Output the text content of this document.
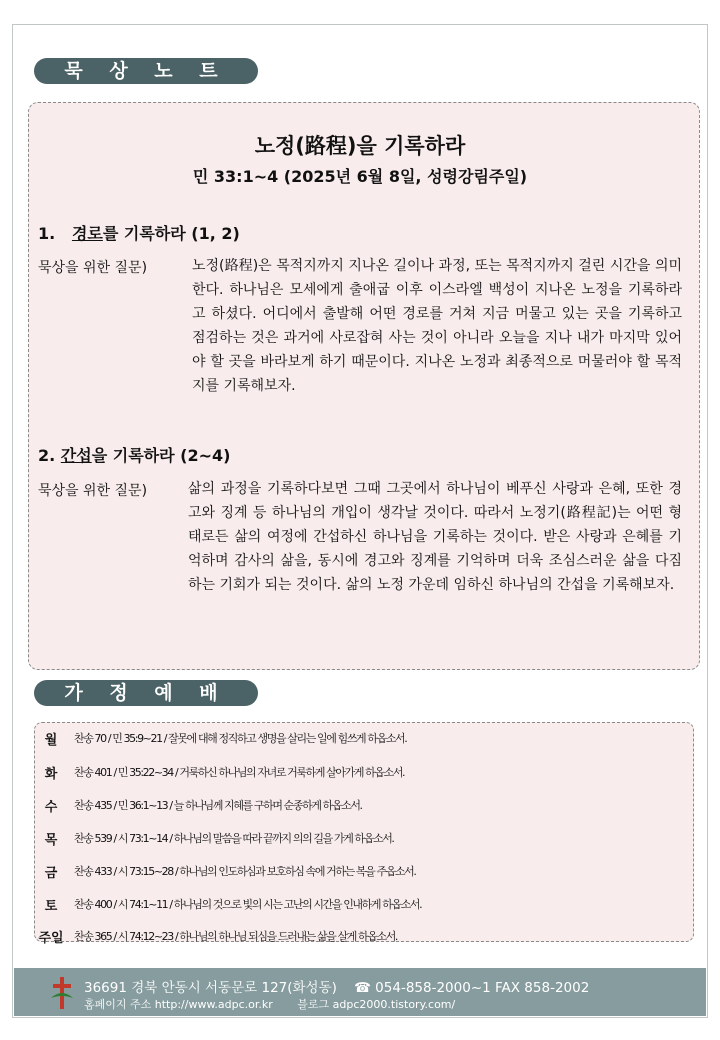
묵 상 노 트
노정(路程)을 기록하라
민 33:1~4 (2025년 6월 8일, 성령강림주일)
1. 경로를 기록하라 (1, 2)
묵상을 위한 질문)	노정(路程)은 목적지까지 지나온 길이나 과정, 또는 목적지까지 걸린 시간을 의미한다. 하나님은 모세에게 출애굽 이후 이스라엘 백성이 지나온 노정을 기록하라고 하셨다. 어디에서 출발해 어떤 경로를 거쳐 지금 머물고 있는 곳을 기록하고 점검하는 것은 과거에 사로잡혀 사는 것이 아니라 오늘을 지나 내가 마지막 있어야 할 곳을 바라보게 하기 때문이다. 지나온 노정과 최종적으로 머물러야 할 목적지를 기록해보자.
2. 간섭을 기록하라 (2~4)
묵상을 위한 질문)	삶의 과정을 기록하다보면 그때 그곳에서 하나님이 베푸신 사랑과 은혜, 또한 경고와 징계 등 하나님의 개입이 생각날 것이다. 따라서 노정기(路程記)는 어떤 형태로든 삶의 여정에 간섭하신 하나님을 기록하는 것이다. 받은 사랑과 은혜를 기억하며 감사의 삶을, 동시에 경고와 징계를 기억하며 더욱 조심스러운 삶을 다짐하는 기회가 되는 것이다. 삶의 노정 가운데 임하신 하나님의 간섭을 기록해보자.
가 정 예 배
월	찬송 70 / 민 35:9~21 / 잘못에 대해 정직하고 생명을 살리는 일에 힘쓰게 하옵소서.
화	찬송 401 / 민 35:22~34 / 거룩하신 하나님의 자녀로 거룩하게 살아가게 하옵소서.
수	찬송 435 / 민 36:1~13 / 늘 하나님께 지혜를 구하며 순종하게 하옵소서.
목	찬송 539 / 시 73:1~14 / 하나님의 말씀을 따라 끝까지 의의 길을 가게 하옵소서.
금	찬송 433 / 시 73:15~28 / 하나님의 인도하심과 보호하심 속에 거하는 복을 주옵소서.
토	찬송 400 / 시 74:1~11 / 하나님의 것으로 빛의 시는 고난의 시간을 인내하게 하옵소서.
주일 찬송 365 / 시 74:12~23 / 하나님의 하나님 되심을 드러내는 삶을 살게 하옵소서.
36691 경북 안동시 서동문로 127(화성동) ☎ 054-858-2000~1 FAX 858-2002
홈페이지 주소 http://www.adpc.or.kr 블로그 adpc2000.tistory.com/
